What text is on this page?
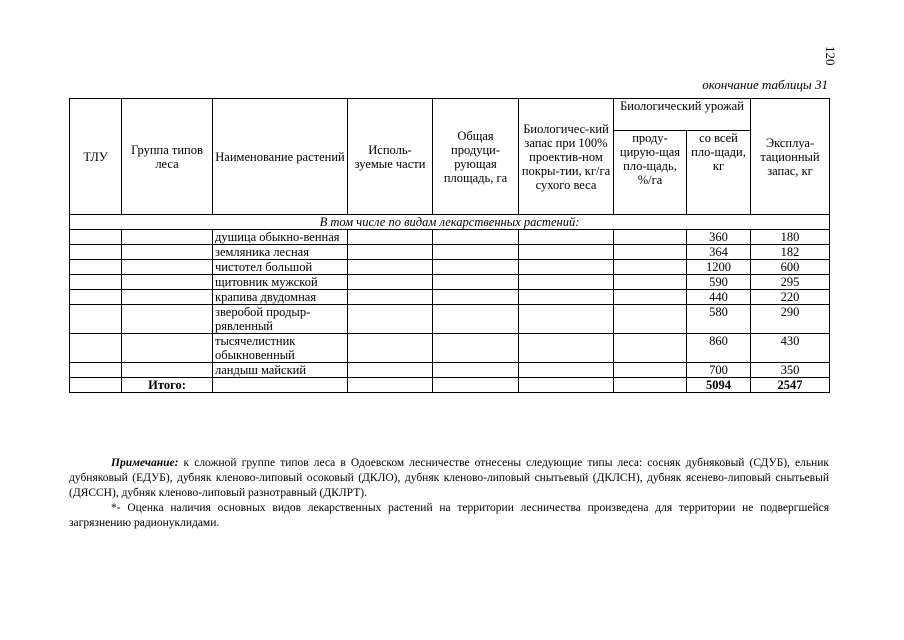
120
окончание таблицы 31
ТЛУ	Группа типов леса	Наименование растений	Исполь-зуемые части	Общая продуци-рующая площадь, га	Биологичес-кий запас при 100% проектив-ном покры-тии, кг/га сухого веса	Биологический урожай		Эксплуа-тационный запас, кг
						проду-цирую-щая пло-щадь, %/га	со всей пло-щади, кг	
В том числе по видам лекарственных растений:								
		душица обыкно-венная					360	180
		земляника лесная					364	182
		чистотел большой					1200	600
		щитовник мужской					590	295
		крапива двудомная					440	220
		зверобой продыр-рявленный					580	290
		тысячелистник обыкновенный					860	430
		ландыш майский					700	350
	Итого:						5094	2547

Примечание: к сложной группе типов леса в Одоевском лесничестве отнесены следующие типы леса: сосняк дубняковый (СДУБ), ельник дубняковый (ЕДУБ), дубняк кленово-липовый осоковый (ДКЛО), дубняк кленово-липовый снытьевый (ДКЛСН), дубняк ясенево-липовый снытьевый (ДЯССН), дубняк кленово-липовый разнотравный (ДКЛРТ).

*- Оценка наличия основных видов лекарственных растений на территории лесничества произведена для территории не подвергшейся загрязнению радионуклидами.
